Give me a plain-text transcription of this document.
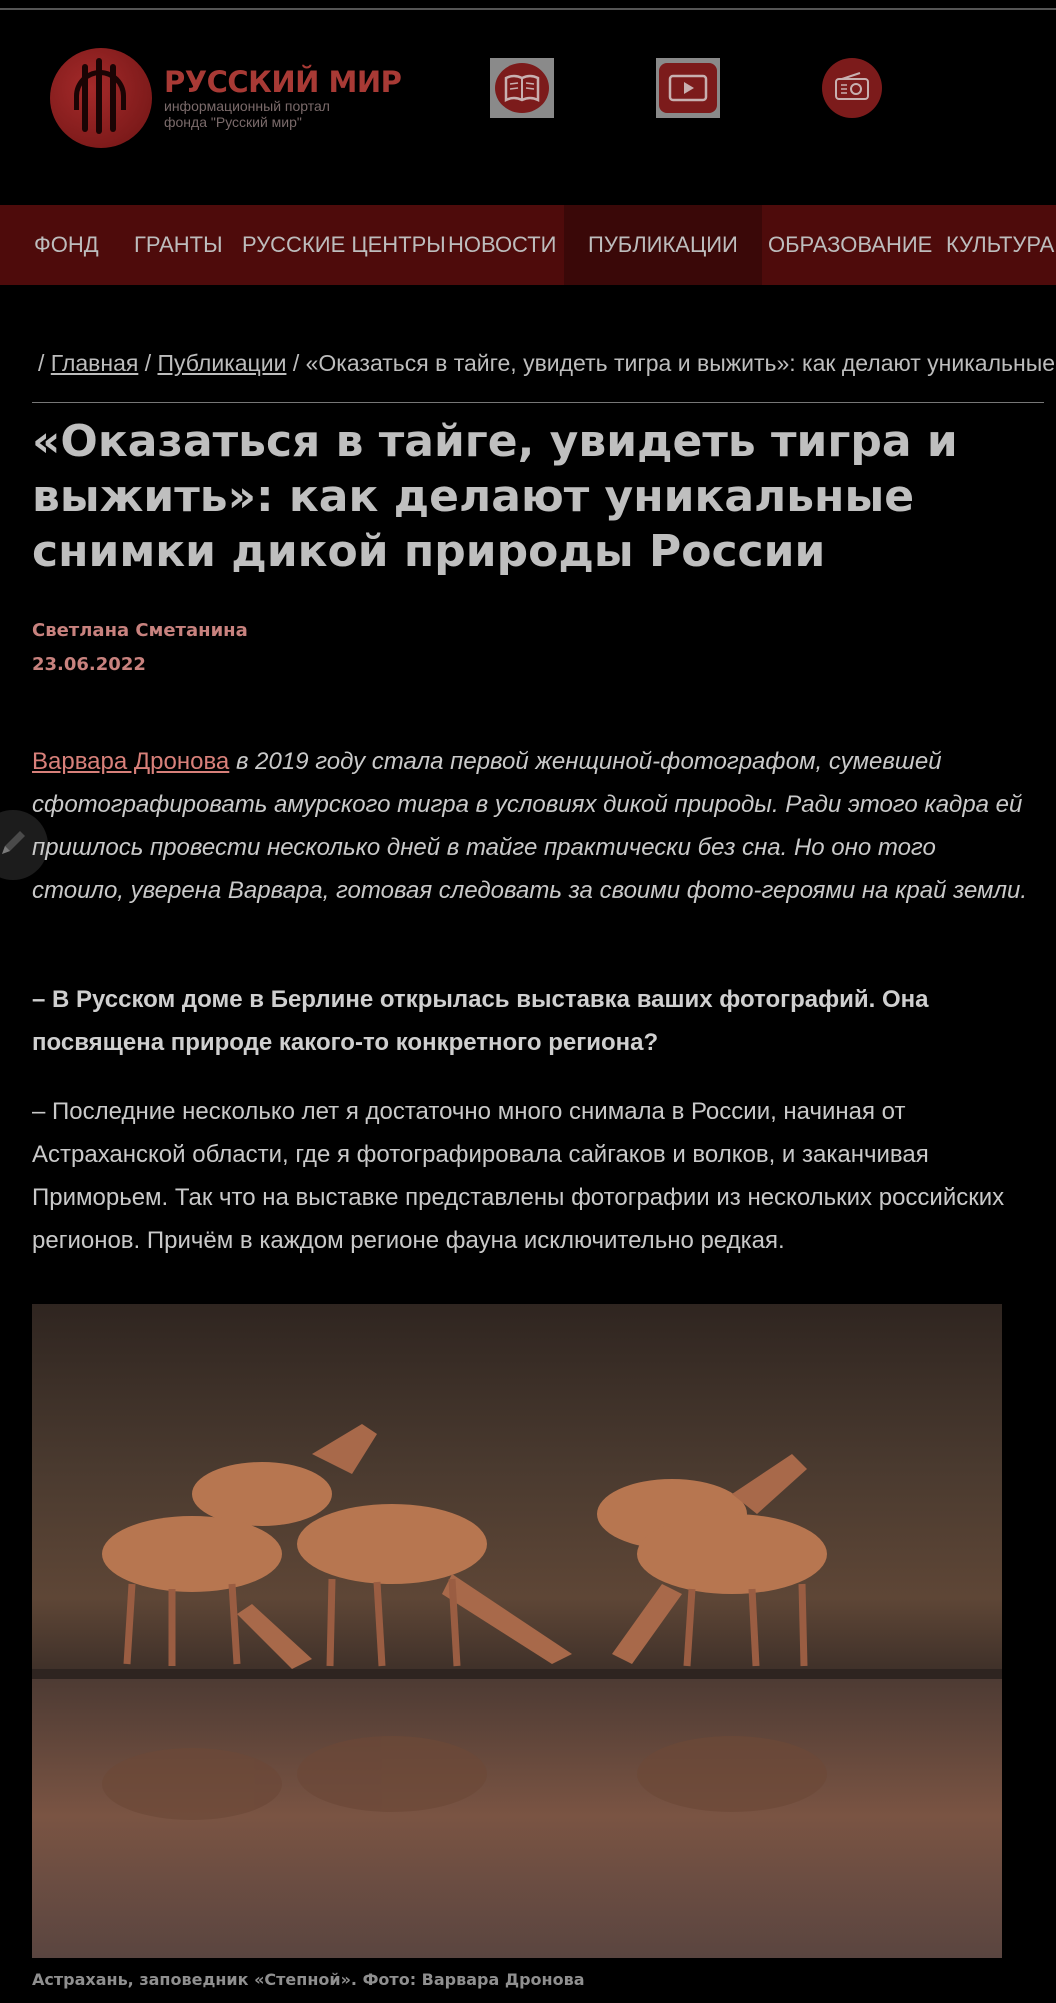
РУССКИЙ МИР
информационный портал
фонда "Русский мир"
ФОНД ГРАНТЫ РУССКИЕ ЦЕНТРЫ НОВОСТИ	ПУБЛИКАЦИИ	ОБРАЗОВАНИЕ КУЛЬТУРА
/ Главная / Публикации / «Оказаться в тайге, увидеть тигра и выжить»: как делают уникальные
«Оказаться в тайге, увидеть тигра и выжить»: как делают уникальные снимки дикой природы России
Светлана Сметанина
23.06.2022

Варвара Дронова в 2019 году стала первой женщиной-фотографом, сумевшей сфотографировать амурского тигра в условиях дикой природы. Ради этого кадра ей пришлось провести несколько дней в тайге практически без сна. Но оно того стоило, уверена Варвара, готовая следовать за своими фото-героями на край земли.

– В Русском доме в Берлине открылась выставка ваших фотографий. Она посвящена природе какого-то конкретного региона?

– Последние несколько лет я достаточно много снимала в России, начиная от Астраханской области, где я фотографировала сайгаков и волков, и заканчивая Приморьем. Так что на выставке представлены фотографии из нескольких российских регионов. Причём в каждом регионе фауна исключительно редкая.

Астрахань, заповедник «Степной». Фото: Варвара Дронова
